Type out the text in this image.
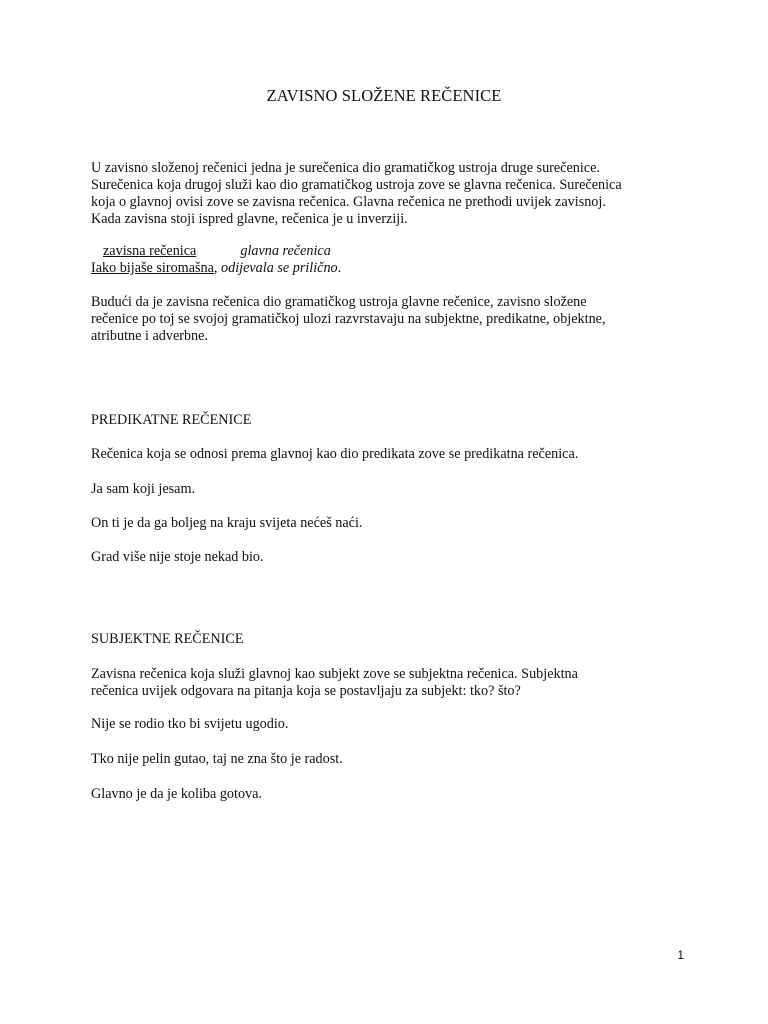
ZAVISNO SLOŽENE REČENICE

U zavisno složenoj rečenici jedna je surečenica dio gramatičkog ustroja druge surečenice.

Surečenica koja drugoj služi kao dio gramatičkog ustroja zove se glavna rečenica. Surečenica

koja o glavnoj ovisi zove se zavisna rečenica. Glavna rečenica ne prethodi uvijek zavisnoj.

Kada zavisna stoji ispred glavne, rečenica je u inverziji.

zavisna rečenica	glavna rečenica
Iako bijaše siromašna, odijevala se prilično.

Budući da je zavisna rečenica dio gramatičkog ustroja glavne rečenice, zavisno složene

rečenice po toj se svojoj gramatičkoj ulozi razvrstavaju na subjektne, predikatne, objektne,

atributne i adverbne.

PREDIKATNE REČENICE
Rečenica koja se odnosi prema glavnoj kao dio predikata zove se predikatna rečenica.
Ja sam koji jesam.
On ti je da ga boljeg na kraju svijeta nećeš naći.
Grad više nije stoje nekad bio.
SUBJEKTNE REČENICE

Zavisna rečenica koja služi glavnoj kao subjekt zove se subjektna rečenica. Subjektna

rečenica uvijek odgovara na pitanja koja se postavljaju za subjekt: tko? što?

Nije se rodio tko bi svijetu ugodio.
Tko nije pelin gutao, taj ne zna što je radost.
Glavno je da je koliba gotova.
1
